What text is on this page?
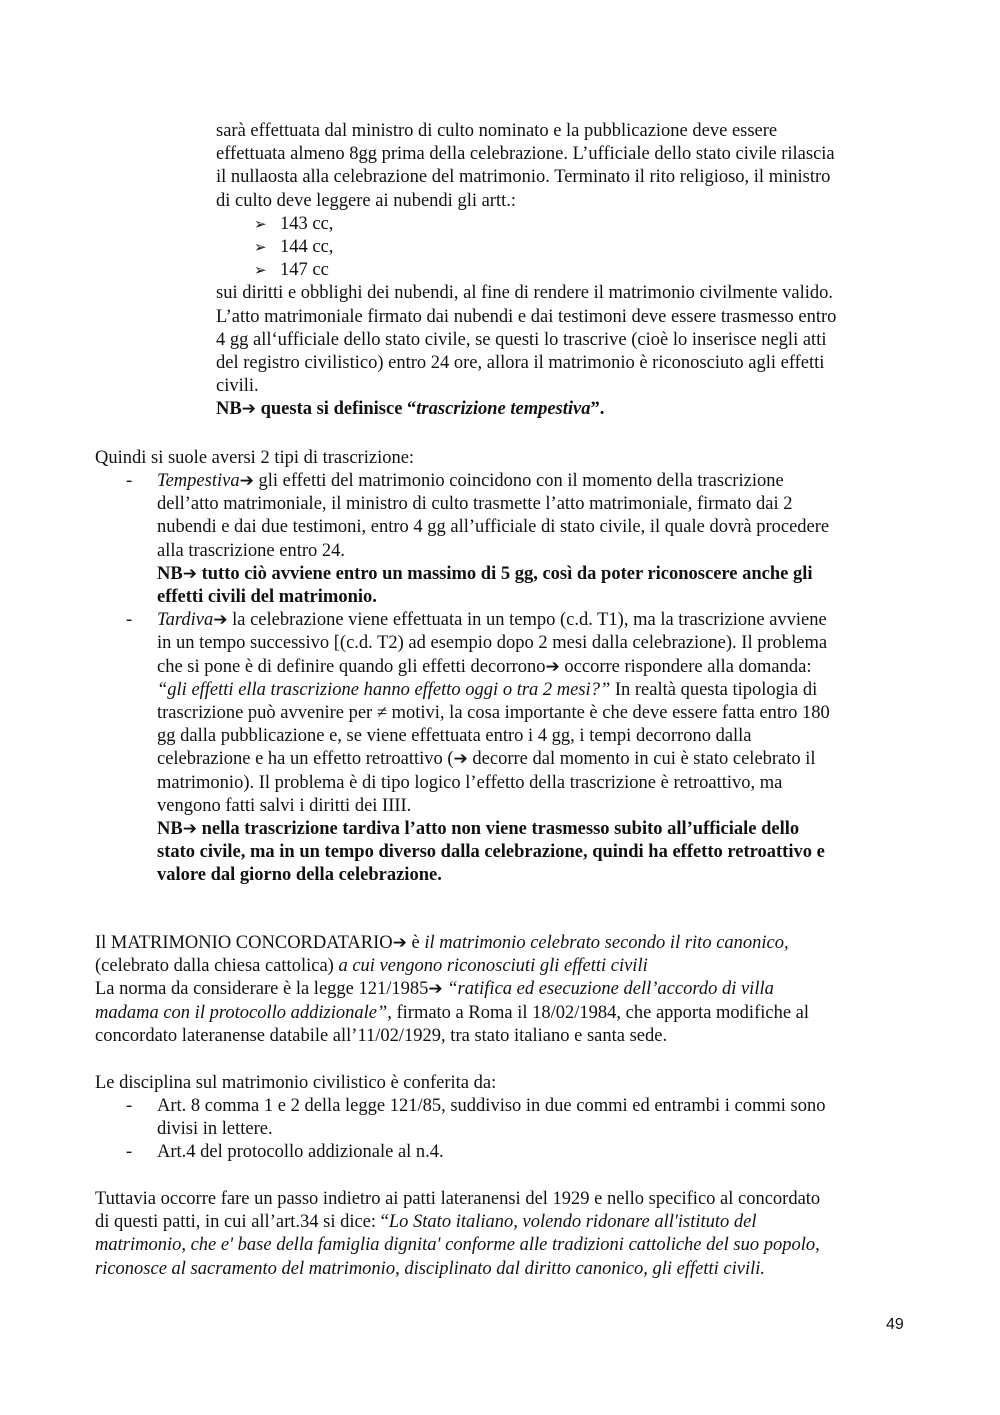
sarà effettuata dal ministro di culto nominato e la pubblicazione deve essere
effettuata almeno 8gg prima della celebrazione. L’ufficiale dello stato civile rilascia
il nullaosta alla celebrazione del matrimonio. Terminato il rito religioso, il ministro
di culto deve leggere ai nubendi gli artt.:
➢ 143 cc,
➢ 144 cc,
➢ 147 cc
sui diritti e obblighi dei nubendi, al fine di rendere il matrimonio civilmente valido.
L’atto matrimoniale firmato dai nubendi e dai testimoni deve essere trasmesso entro
4 gg all‘ufficiale dello stato civile, se questi lo trascrive (cioè lo inserisce negli atti
del registro civilistico) entro 24 ore, allora il matrimonio è riconosciuto agli effetti
civili.
NB➔ questa si definisce “trascrizione tempestiva”.
Quindi si suole aversi 2 tipi di trascrizione:
- Tempestiva➔ gli effetti del matrimonio coincidono con il momento della trascrizione
dell’atto matrimoniale, il ministro di culto trasmette l’atto matrimoniale, firmato dai 2
nubendi e dai due testimoni, entro 4 gg all’ufficiale di stato civile, il quale dovrà procedere
alla trascrizione entro 24.
NB➔ tutto ciò avviene entro un massimo di 5 gg, così da poter riconoscere anche gli
effetti civili del matrimonio.
- Tardiva➔ la celebrazione viene effettuata in un tempo (c.d. T1), ma la trascrizione avviene
in un tempo successivo [(c.d. T2) ad esempio dopo 2 mesi dalla celebrazione). Il problema
che si pone è di definire quando gli effetti decorrono➔ occorre rispondere alla domanda:
“gli effetti ella trascrizione hanno effetto oggi o tra 2 mesi?” In realtà questa tipologia di
trascrizione può avvenire per ≠ motivi, la cosa importante è che deve essere fatta entro 180
gg dalla pubblicazione e, se viene effettuata entro i 4 gg, i tempi decorrono dalla
celebrazione e ha un effetto retroattivo (➔ decorre dal momento in cui è stato celebrato il
matrimonio). Il problema è di tipo logico l’effetto della trascrizione è retroattivo, ma
vengono fatti salvi i diritti dei IIII.
NB➔ nella trascrizione tardiva l’atto non viene trasmesso subito all’ufficiale dello
stato civile, ma in un tempo diverso dalla celebrazione, quindi ha effetto retroattivo e
valore dal giorno della celebrazione.
Il MATRIMONIO CONCORDATARIO➔ è il matrimonio celebrato secondo il rito canonico,
(celebrato dalla chiesa cattolica) a cui vengono riconosciuti gli effetti civili
La norma da considerare è la legge 121/1985➔ “ratifica ed esecuzione dell’accordo di villa
madama con il protocollo addizionale”, firmato a Roma il 18/02/1984, che apporta modifiche al
concordato lateranense databile all’11/02/1929, tra stato italiano e santa sede.
Le disciplina sul matrimonio civilistico è conferita da:
- Art. 8 comma 1 e 2 della legge 121/85, suddiviso in due commi ed entrambi i commi sono
divisi in lettere.
- Art.4 del protocollo addizionale al n.4.
Tuttavia occorre fare un passo indietro ai patti lateranensi del 1929 e nello specifico al concordato
di questi patti, in cui all’art.34 si dice: “Lo Stato italiano, volendo ridonare all'istituto del
matrimonio, che e' base della famiglia dignita' conforme alle tradizioni cattoliche del suo popolo,
riconosce al sacramento del matrimonio, disciplinato dal diritto canonico, gli effetti civili.
49
